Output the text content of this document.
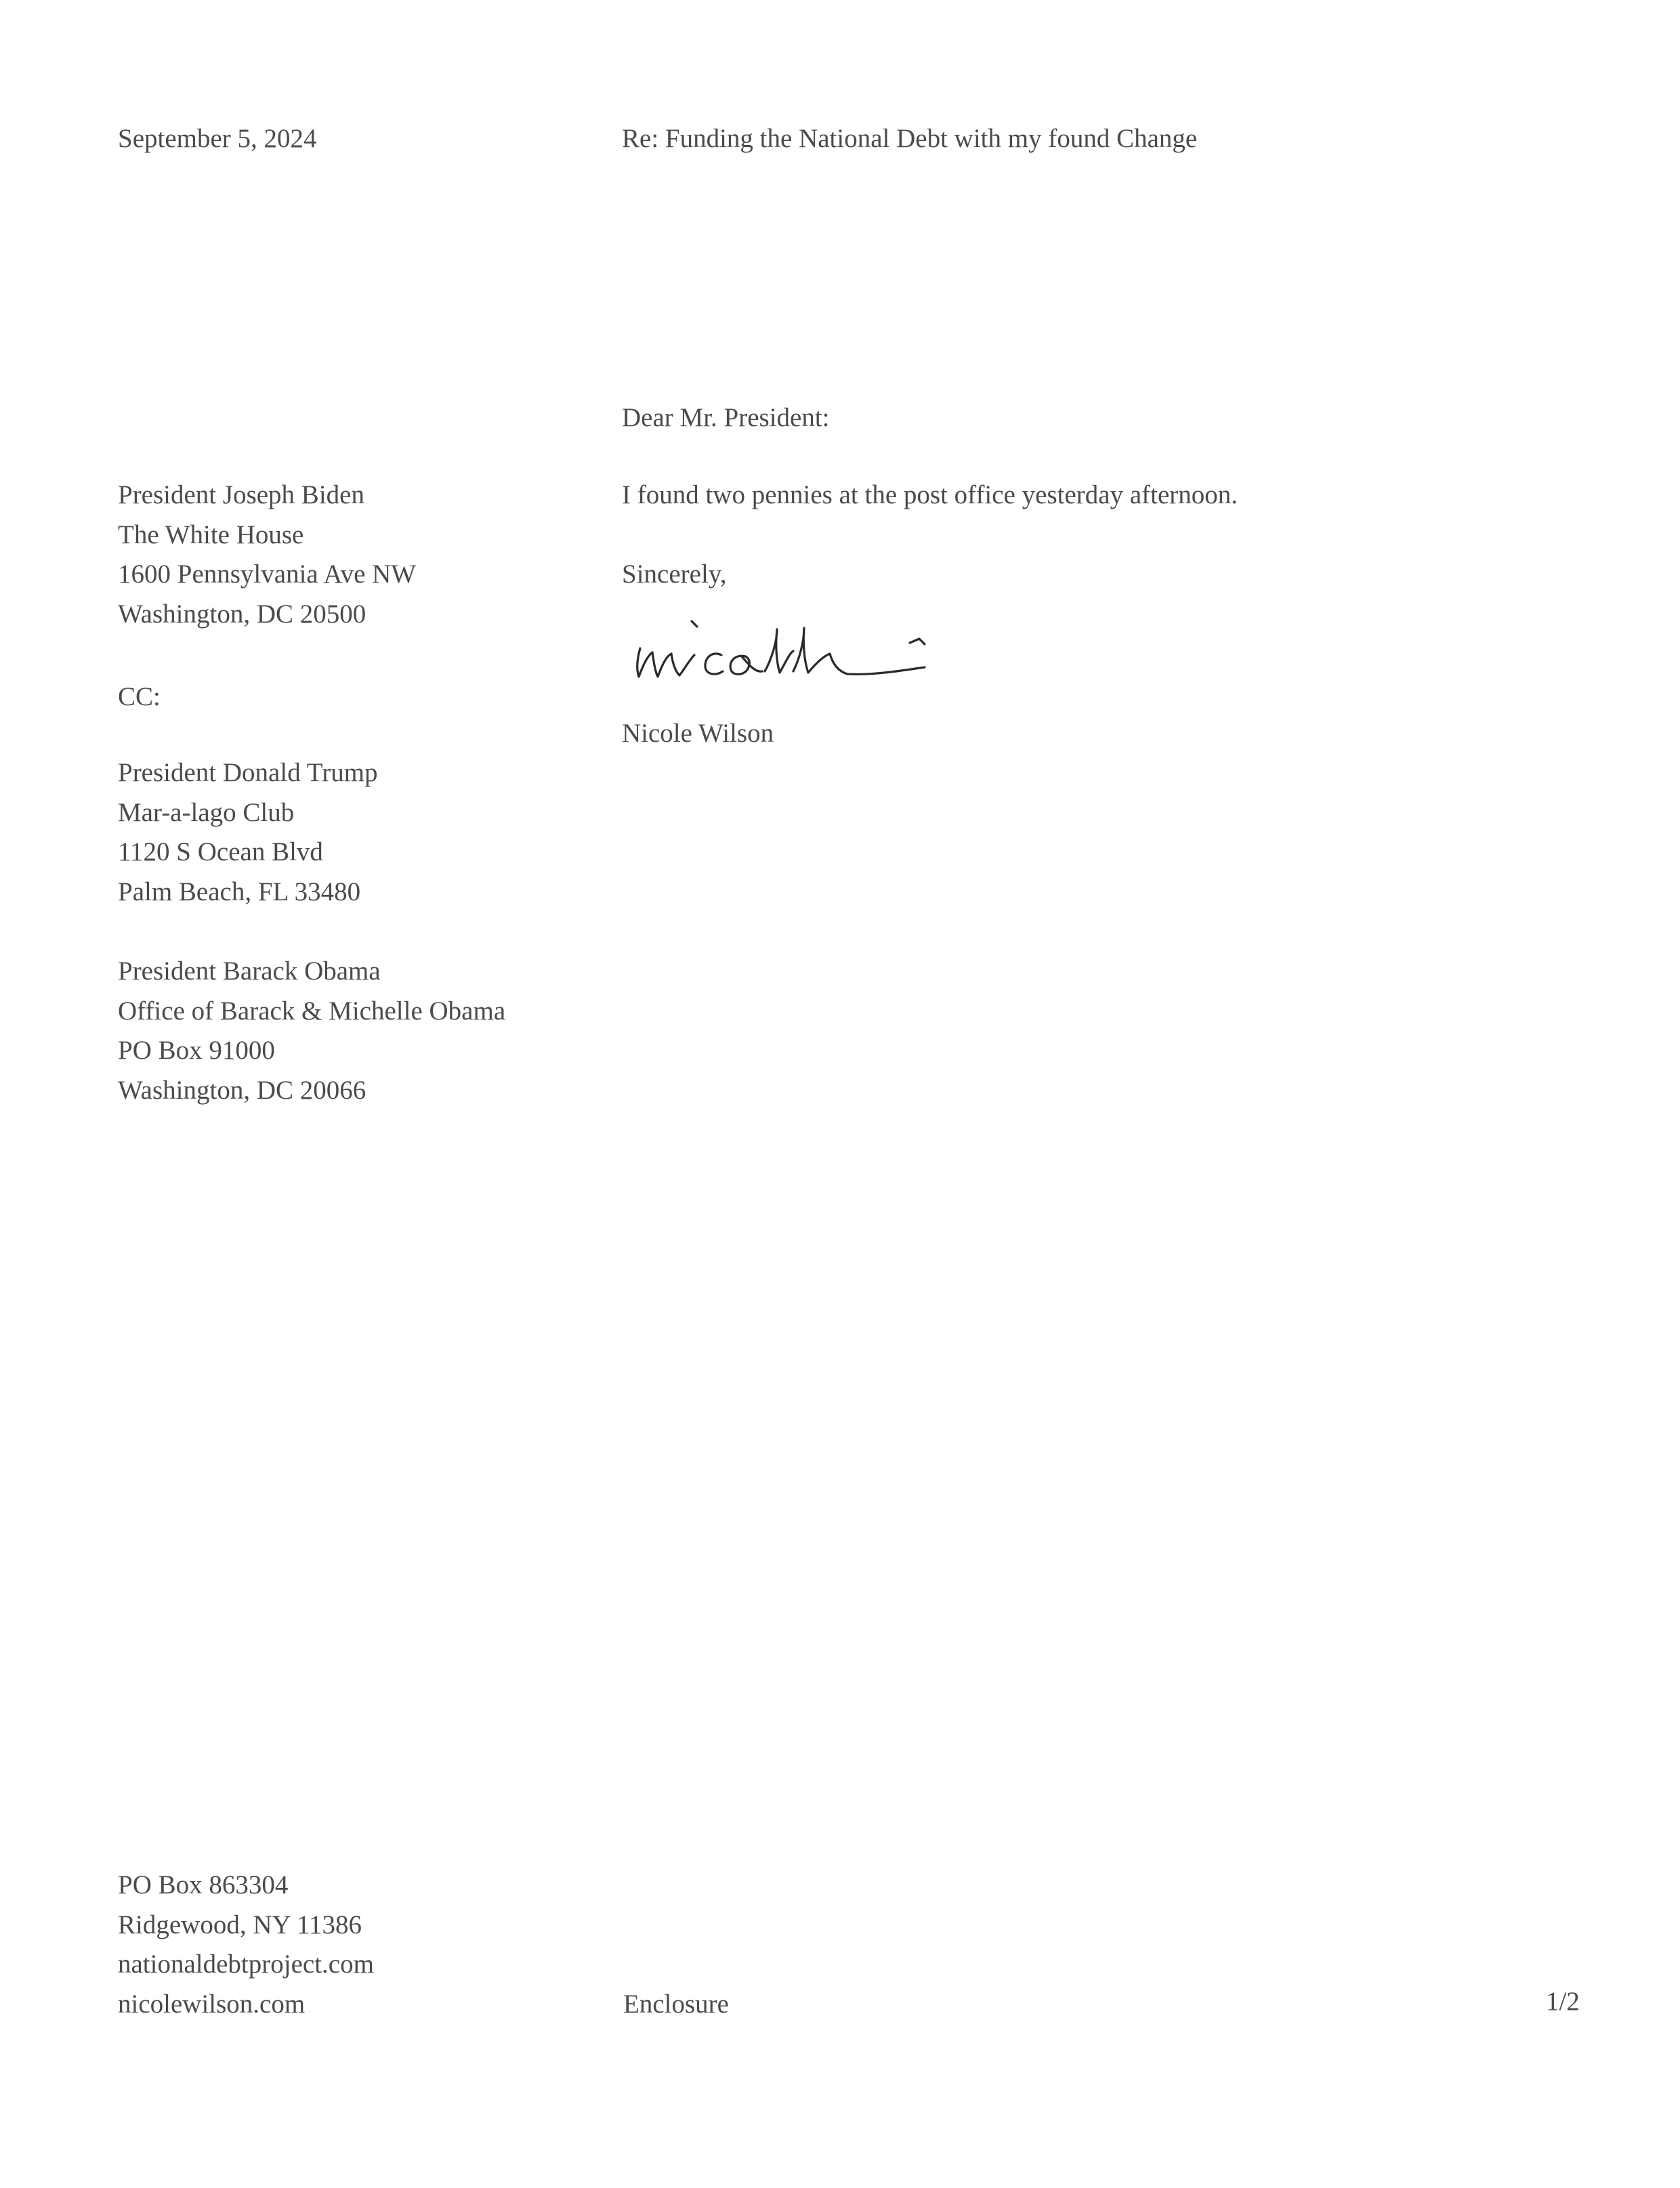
September 5, 2024	Re: Funding the National Debt with my found Change
Dear Mr. President:
President Joseph Biden
The White House
1600 Pennsylvania Ave NW
Washington, DC 20500
I found two pennies at the post office yesterday afternoon.
Sincerely,
Nicole Wilson
CC:
President Donald Trump
Mar-a-lago Club
1120 S Ocean Blvd
Palm Beach, FL 33480
President Barack Obama
Office of Barack & Michelle Obama
PO Box 91000
Washington, DC 20066
PO Box 863304
Ridgewood, NY 11386
nationaldebtproject.com
nicolewilson.com	Enclosure	1/2
